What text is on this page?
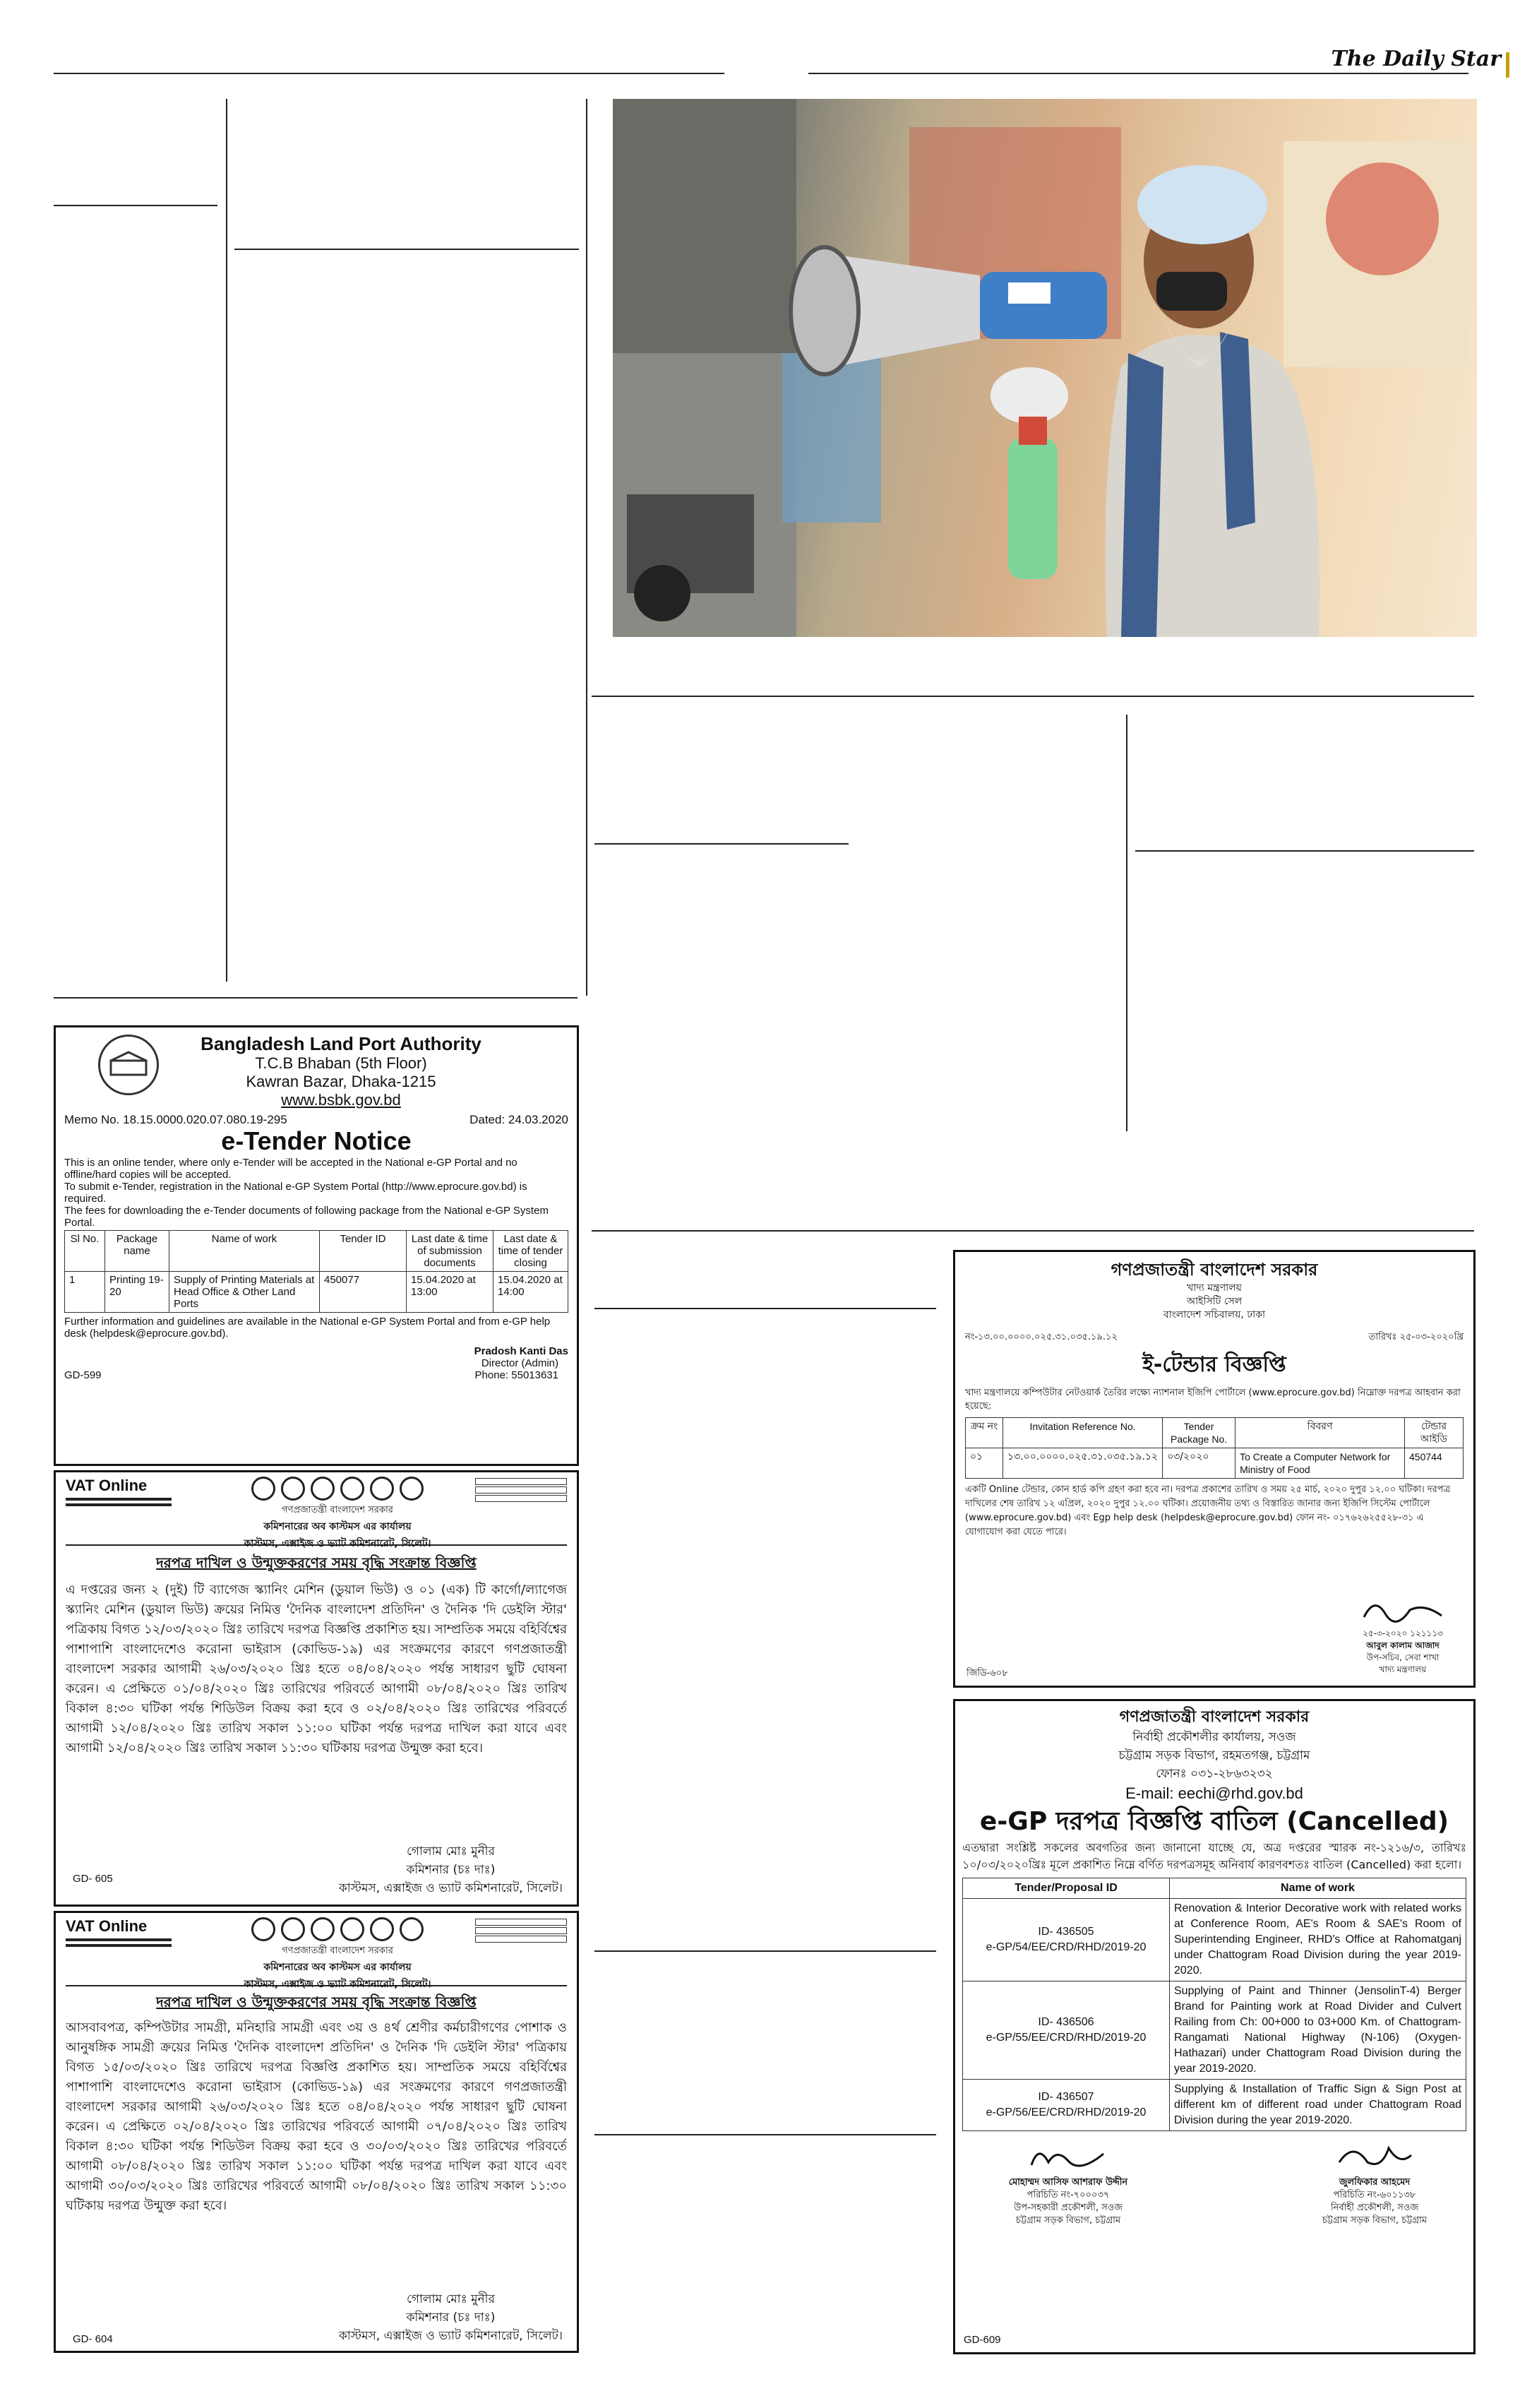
The Daily Star
Bangladesh Land Port Authority
T.C.B Bhaban (5th Floor)
Kawran Bazar, Dhaka-1215
www.bsbk.gov.bd
Memo No. 18.15.0000.020.07.080.19-295	Dated: 24.03.2020
e-Tender Notice
This is an online tender, where only e-Tender will be accepted in the National e-GP Portal and no offline/hard copies will be accepted.
To submit e-Tender, registration in the National e-GP System Portal (http://www.eprocure.gov.bd) is required.
The fees for downloading the e-Tender documents of following package from the National e-GP System Portal.
Sl No.	Package name	Name of work	Tender ID	Last date & time of submission documents	Last date & time of tender closing
1	Printing 19-20	Supply of Printing Materials at Head Office & Other Land Ports	450077	15.04.2020 at 13:00	15.04.2020 at 14:00
Further information and guidelines are available in the National e-GP System Portal and from e-GP help desk (helpdesk@eprocure.gov.bd).
Pradosh Kanti Das
Director (Admin)
GD-599	Phone: 55013631
VAT Online
গণপ্রজাতন্ত্রী বাংলাদেশ সরকার
কমিশনারের অব কাস্টমস এর কার্যালয়
কাস্টমস, এক্সাইজ ও ভ্যাট কমিশনারেট, সিলেট।
দরপত্র দাখিল ও উন্মুক্তকরণের সময় বৃদ্ধি সংক্রান্ত বিজ্ঞপ্তি
এ দপ্তরের জন্য ২ (দুই) টি ব্যাগেজ স্ক্যানিং মেশিন (ডুয়াল ভিউ) ও ০১ (এক) টি কার্গো/ল্যাগেজ স্ক্যানিং মেশিন (ডুয়াল ভিউ) ক্রয়ের নিমিত্ত 'দৈনিক বাংলাদেশ প্রতিদিন' ও দৈনিক 'দি ডেইলি স্টার' পত্রিকায় বিগত ১২/০৩/২০২০ খ্রিঃ তারিখে দরপত্র বিজ্ঞপ্তি প্রকাশিত হয়। সাম্প্রতিক সময়ে বহির্বিশ্বের পাশাপাশি বাংলাদেশেও করোনা ভাইরাস (কোভিড-১৯) এর সংক্রমণের কারণে গণপ্রজাতন্ত্রী বাংলাদেশ সরকার আগামী ২৬/০৩/২০২০ খ্রিঃ হতে ০৪/০৪/২০২০ পর্যন্ত সাধারণ ছুটি ঘোষনা করেন। এ প্রেক্ষিতে ০১/০৪/২০২০ খ্রিঃ তারিখের পরিবর্তে আগামী ০৮/০৪/২০২০ খ্রিঃ তারিখ বিকাল ৪:৩০ ঘটিকা পর্যন্ত শিডিউল বিক্রয় করা হবে ও ০২/০৪/২০২০ খ্রিঃ তারিখের পরিবর্তে আগামী ১২/০৪/২০২০ খ্রিঃ তারিখ সকাল ১১:০০ ঘটিকা পর্যন্ত দরপত্র দাখিল করা যাবে এবং আগামী ১২/০৪/২০২০ খ্রিঃ তারিখ সকাল ১১:৩০ ঘটিকায় দরপত্র উন্মুক্ত করা হবে।
গোলাম মোঃ মুনীর
কমিশনার (চঃ দাঃ)
কাস্টমস, এক্সাইজ ও ভ্যাট কমিশনারেট, সিলেট।
GD- 605
VAT Online
গণপ্রজাতন্ত্রী বাংলাদেশ সরকার
কমিশনারের অব কাস্টমস এর কার্যালয়
কাস্টমস, এক্সাইজ ও ভ্যাট কমিশনারেট, সিলেট।
দরপত্র দাখিল ও উন্মুক্তকরণের সময় বৃদ্ধি সংক্রান্ত বিজ্ঞপ্তি
আসবাবপত্র, কম্পিউটার সামগ্রী, মনিহারি সামগ্রী এবং ৩য় ও ৪র্থ শ্রেণীর কর্মচারীগণের পোশাক ও আনুষঙ্গিক সামগ্রী ক্রয়ের নিমিত্ত 'দৈনিক বাংলাদেশ প্রতিদিন' ও দৈনিক 'দি ডেইলি স্টার' পত্রিকায় বিগত ১৫/০৩/২০২০ খ্রিঃ তারিখে দরপত্র বিজ্ঞপ্তি প্রকাশিত হয়। সাম্প্রতিক সময়ে বহির্বিশ্বের পাশাপাশি বাংলাদেশেও করোনা ভাইরাস (কোভিড-১৯) এর সংক্রমণের কারণে গণপ্রজাতন্ত্রী বাংলাদেশ সরকার আগামী ২৬/০৩/২০২০ খ্রিঃ হতে ০৪/০৪/২০২০ পর্যন্ত সাধারণ ছুটি ঘোষনা করেন। এ প্রেক্ষিতে ০২/০৪/২০২০ খ্রিঃ তারিখের পরিবর্তে আগামী ০৭/০৪/২০২০ খ্রিঃ তারিখ বিকাল ৪:৩০ ঘটিকা পর্যন্ত শিডিউল বিক্রয় করা হবে ও ৩০/০৩/২০২০ খ্রিঃ তারিখের পরিবর্তে আগামী ০৮/০৪/২০২০ খ্রিঃ তারিখ সকাল ১১:০০ ঘটিকা পর্যন্ত দরপত্র দাখিল করা যাবে এবং আগামী ৩০/০৩/২০২০ খ্রিঃ তারিখের পরিবর্তে আগামী ০৮/০৪/২০২০ খ্রিঃ তারিখ সকাল ১১:৩০ ঘটিকায় দরপত্র উন্মুক্ত করা হবে।
গোলাম মোঃ মুনীর
কমিশনার (চঃ দাঃ)
কাস্টমস, এক্সাইজ ও ভ্যাট কমিশনারেট, সিলেট।
GD- 604
গণপ্রজাতন্ত্রী বাংলাদেশ সরকার
খাদ্য মন্ত্রণালয়
আইসিটি সেল
বাংলাদেশ সচিবালয়, ঢাকা
নং-১৩.০০.০০০০.০২৫.৩১.০৩৫.১৯.১২	তারিখঃ ২৫-০৩-২০২০খ্রি
ই-টেন্ডার বিজ্ঞপ্তি
খাদ্য মন্ত্রণালয়ে কম্পিউটার নেটওয়ার্ক তৈরির লক্ষ্যে ন্যাশনাল ইজিপি পোর্টালে (www.eprocure.gov.bd) নিম্নোক্ত দরপত্র আহবান করা হয়েছে:
ক্রম নং	Invitation Reference No.	Tender Package No.	বিবরণ	টেন্ডার আইডি
০১	১৩.০০.০০০০.০২৫.৩১.০৩৫.১৯.১২	০৩/২০২০	To Create a Computer Network for Ministry of Food	450744
একটি Online টেন্ডার, কোন হার্ড কপি গ্রহণ করা হবে না। দরপত্র প্রকাশের তারিখ ও সময় ২৫ মার্চ, ২০২০ দুপুর ১২.০০ ঘটিকা। দরপত্র দাখিলের শেষ তারিখ ১২ এপ্রিল, ২০২০ দুপুর ১২.০০ ঘটিকা। প্রয়োজনীয় তথ্য ও বিস্তারিত জানার জন্য ইজিপি সিস্টেম পোর্টালে (www.eprocure.gov.bd) এবং Egp help desk (helpdesk@eprocure.gov.bd) ফোন নং- ০১৭৬২৬২৫৫২৮-৩১ এ যোগাযোগ করা যেতে পারে।
২৫-৩-২০২০ ১২১১১৩
আবুল কালাম আজাদ
উপ-সচিব, সেবা শাখা
খাদ্য মন্ত্রণালয়
জিডি-৬০৮
গণপ্রজাতন্ত্রী বাংলাদেশ সরকার
নির্বাহী প্রকৌশলীর কার্যালয়, সওজ
চট্টগ্রাম সড়ক বিভাগ, রহমতগঞ্জ, চট্টগ্রাম
ফোনঃ ০৩১-২৮৬৩২৩২
E-mail: eechi@rhd.gov.bd
e-GP দরপত্র বিজ্ঞপ্তি বাতিল (Cancelled)
এতদ্বারা সংশ্লিষ্ট সকলের অবগতির জন্য জানানো যাচ্ছে যে, অত্র দপ্তরের স্মারক নং-১২১৬/৩, তারিখঃ ১০/০৩/২০২০খ্রিঃ মূলে প্রকাশিত নিম্নে বর্ণিত দরপত্রসমূহ অনিবার্য কারণবশতঃ বাতিল (Cancelled) করা হলো।
Tender/Proposal ID	Name of work

ID- 436505
e-GP/54/EE/CRD/RHD/2019-20	Renovation & Interior Decorative work with related works at Conference Room, AE's Room & SAE's Room of Superintending Engineer, RHD's Office at Rahomatganj under Chattogram Road Division during the year 2019-2020.

ID- 436506
e-GP/55/EE/CRD/RHD/2019-20	Supplying of Paint and Thinner (JensolinT-4) Berger Brand for Painting work at Road Divider and Culvert Railing from Ch: 00+000 to 03+000 Km. of Chattogram-Rangamati National Highway (N-106) (Oxygen-Hathazari) under Chattogram Road Division during the year 2019-2020.

ID- 436507
e-GP/56/EE/CRD/RHD/2019-20	Supplying & Installation of Traffic Sign & Sign Post at different km of different road under Chattogram Road Division during the year 2019-2020.
মোহাম্মদ আসিফ আশরাফ উদ্দীন
পরিচিতি নং-৭০০০৩৭
উপ-সহকারী প্রকৌশলী, সওজ
চট্টগ্রাম সড়ক বিভাগ, চট্টগ্রাম
জুলফিকার আহমেদ
পরিচিতি নং-৬০১১৩৮
নির্বাহী প্রকৌশলী, সওজ
চট্টগ্রাম সড়ক বিভাগ, চট্টগ্রাম
GD-609
